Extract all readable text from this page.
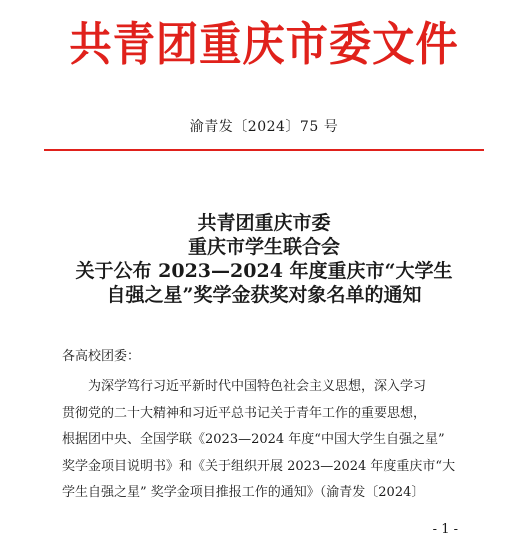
共青团重庆市委文件
渝青发〔2024〕75 号
共青团重庆市委
重庆市学生联合会
关于公布 2023—2024 年度重庆市“大学生
自强之星”奖学金获奖对象名单的通知
各高校团委：
为深学笃行习近平新时代中国特色社会主义思想，深入学习
贯彻党的二十大精神和习近平总书记关于青年工作的重要思想，
根据团中央、全国学联《2023—2024 年度“中国大学生自强之星”
奖学金项目说明书》和《关于组织开展 2023—2024 年度重庆市“大
学生自强之星” 奖学金项目推报工作的通知》（渝青发〔2024〕
- 1 -
